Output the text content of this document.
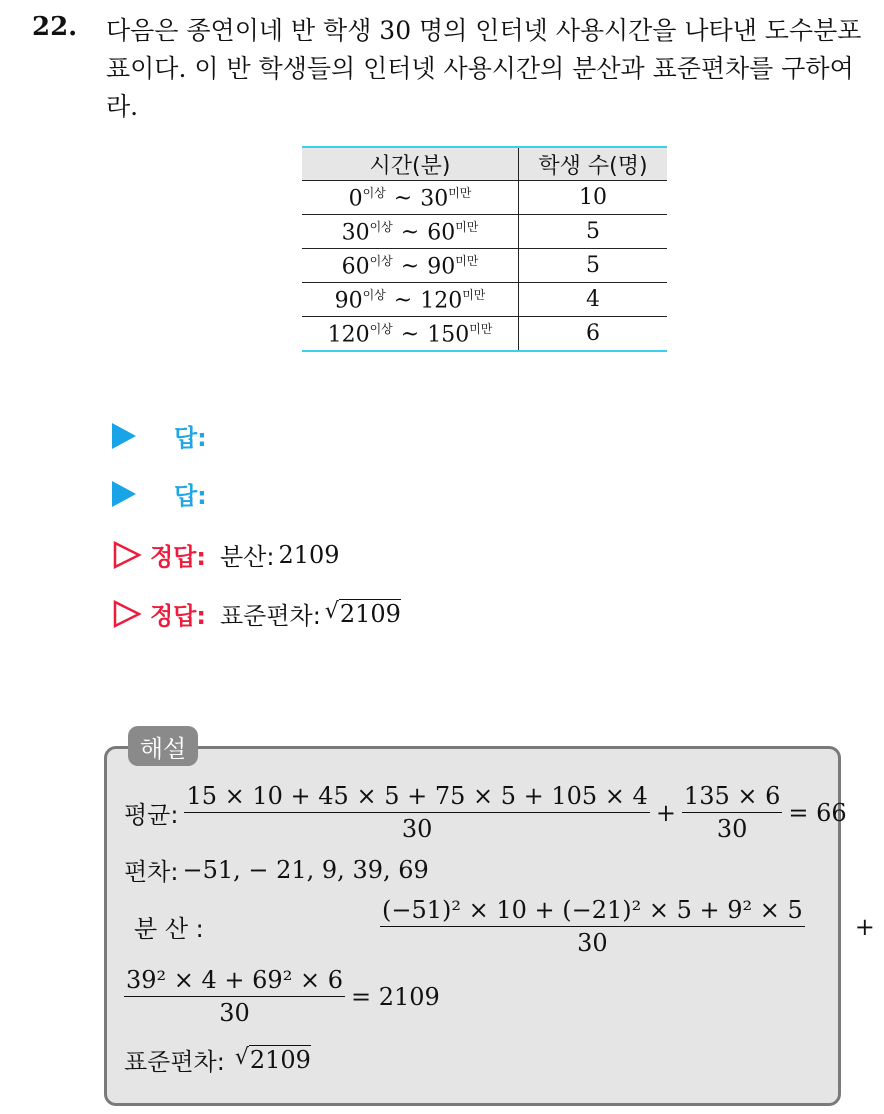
22. 다음은 종연이네 반 학생 30 명의 인터넷 사용시간을 나타낸 도수분포표이다. 이 반 학생들의 인터넷 사용시간의 분산과 표준편차를 구하여라.
시간(분)	학생 수(명)
$0^{이상}$ ~ $30^{미만}$	10
$30^{이상}$ ~ $60^{미만}$	5
$60^{이상}$ ~ $90^{미만}$	5
$90^{이상}$ ~ $120^{미만}$	4
$120^{이상}$ ~ $150^{미만}$	6
답:
답:
정답: 분산: 2109
정답: 표준편차: √ 2109
해설
평균: $\frac{15 \times 10 + 45 \times 5 + 75 \times 5 + 105 \times 4}{30} + \frac{135 \times 6}{30} = 66$
편차: −51, − 21, 9, 39, 69
분 산 :	$\frac{\text{(−51)² × 10 + (−21)² × 5 + 9² × 5}}{30}$ +
$\frac{\text{39² × 4 + 69² × 6}}{30} = 2109$
표준편차: √ 2109
